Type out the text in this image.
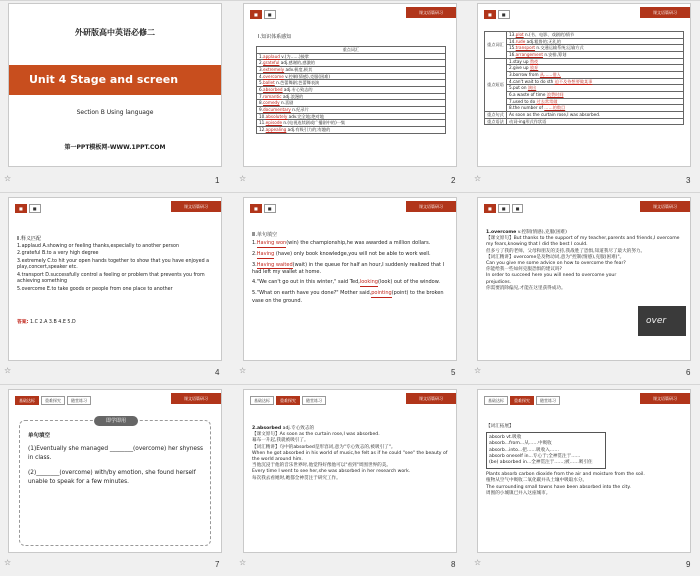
外研版高中英语必修二
Unit 4 Stage and screen
Section B Using language
第一PPT模板网-WWW.1PPT.COM
☆	1
■	■	课文语篇研习
Ⅰ.知识体系感知
重点词汇
1.applaud v.(为……)鼓掌
2.grateful adj.感谢的,感激的
3.extremely adv.极度,极其
4.overcome v.控制(情感),克服(困难)
5.ballet n.芭蕾舞剧;芭蕾舞表演
6.absorbed adj.专心致志的
7.romantic adj.浪漫的
8.comedy n.喜剧
9.documentary n.纪录片
10.absolutely adv.完全地;绝对地
11.episode n.(电视连续剧或广播剧中的)一集
12.appealing adj.有吸引力的;有趣的
☆	2
■	■	课文语篇研习
重点词汇	13.plot n.(书、电影、戏剧的)情节
	14.rude adj.粗鲁的;无礼的
	15.transport n.交通运输系统;运输方式
	16.arrangement n.安排,筹划
重点短语	1.stay up 熬夜
	2.give up 放弃
	3.borrow from 从……借入
	4.can't wait to do sth 迫不及待想要做某事
	5.put on 演出
	6.a waste of time 浪费时间
	7.used to do 过去常常做
	8.the number of ……的数目
重点句式	As soon as the curtain rose,I was absorbed.
重点语法	动词-ing形式作状语
☆	3
■	■	课文语篇研习
Ⅱ.释义匹配
1.applaud A.showing or feeling thanks,especially to another person
2.grateful B.to a very high degree
3.extremely C.to hit your open hands together to show that you have enjoyed a play,concert,speaker etc.
4.transport D.successfully control a feeling or problem that prevents you from achieving something
5.overcome E.to take goods or people from one place to another
答案: 1.C 2.A 3.B 4.E 5.D
☆	4
■	■	课文语篇研习
Ⅲ.单句填空
1.Having won(win) the championship,he was awarded a million dollars.
2.Having (have) only book knowledge,you will not be able to work well.
3.Having waited(wait) in the queue for half an hour,I suddenly realized that I had left my wallet at home.
4."We can't go out in this winter," said Ted,looking(look) out of the window.
5."What on earth have you done?" Mother said,pointing(point) to the broken vase on the ground.
☆	5
■	■	■	课文语篇研习
1.overcome v.控制(情感),克服(困难)
【课文原句】But thanks to the support of my teacher,parents and friends,I overcome my fears,knowing that I did the best I could.
但多亏了我的老师、父母和朋友的支持,我战胜了恐惧,知道我尽了最大的努力。
【词汇精讲】overcome是及物动词,意为"控制(情感),克服(困难)"。
Can you give me some advice on how to overcome the fear?
你能给我一些如何克服恐惧的建议吗?
In order to succeed here you will need to overcome your prejudices.
你需要消除偏见,才能在这里获得成功。
over
☆	6
基础达标	重难探究	随堂练习	课文语篇研习
即学即用
单句填空
(1)Eventually she managed ________(overcome) her shyness in class.
(2)________(overcome) with/by emotion, she found herself unable to speak for a few minutes.
☆	7
基础达标	重难探究	随堂练习	课文语篇研习
2.absorbed adj.专心致志的
【课文原句】As soon as the curtain rose,I was absorbed.
幕布一升起,我就被吸引了。
【词汇精讲】句中的absorbed是形容词,意为"专心致志的,被吸引了"。
When he got absorbed in his world of music,he felt as if he could "see" the beauty of the world around him.
当他沉浸于他的音乐世界时,他觉得好像他可以"看到"周围世界的美。
Every time I went to see her,she was absorbed in her research work.
每次我去看她时,她都全神贯注于研究工作。
☆	8
基础达标	重难探究	随堂练习	课文语篇研习
【词汇拓展】
absorb vt.吸收
absorb...from...从……中吸收
absorb...into...把……吸收入……
absorb oneself in...专心于;全神贯注于……
(be) absorbed in...全神贯注于……;被……吸引住
Plants absorb carbon dioxide from the air and moisture from the soil.
植物从空气中吸收二氧化碳并从土壤中吸取水分。
The surrounding small towns have been absorbed into the city.
周围的小城镇已并入这座城市。
☆	9
